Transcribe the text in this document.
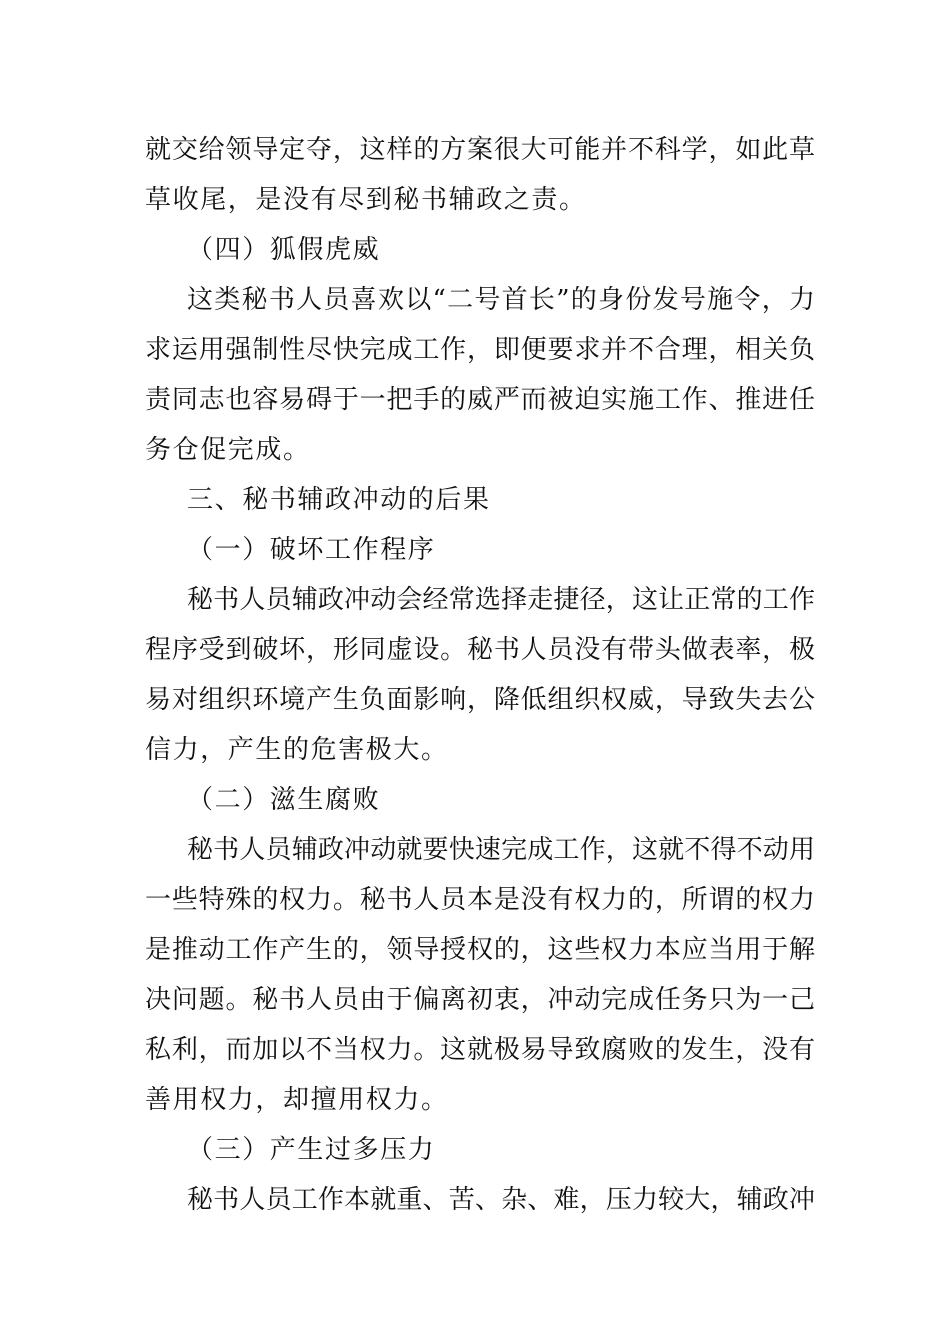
就交给领导定夺，这样的方案很大可能并不科学，如此草
草收尾，是没有尽到秘书辅政之责。
（四）狐假虎威
这类秘书人员喜欢以“二号首长”的身份发号施令，力
求运用强制性尽快完成工作，即便要求并不合理，相关负
责同志也容易碍于一把手的威严而被迫实施工作、推进任
务仓促完成。
三、秘书辅政冲动的后果
（一）破坏工作程序
秘书人员辅政冲动会经常选择走捷径，这让正常的工作
程序受到破坏，形同虚设。秘书人员没有带头做表率，极
易对组织环境产生负面影响，降低组织权威，导致失去公
信力，产生的危害极大。
（二）滋生腐败
秘书人员辅政冲动就要快速完成工作，这就不得不动用
一些特殊的权力。秘书人员本是没有权力的，所谓的权力
是推动工作产生的，领导授权的，这些权力本应当用于解
决问题。秘书人员由于偏离初衷，冲动完成任务只为一己
私利，而加以不当权力。这就极易导致腐败的发生，没有
善用权力，却擅用权力。
（三）产生过多压力
秘书人员工作本就重、苦、杂、难，压力较大，辅政冲
